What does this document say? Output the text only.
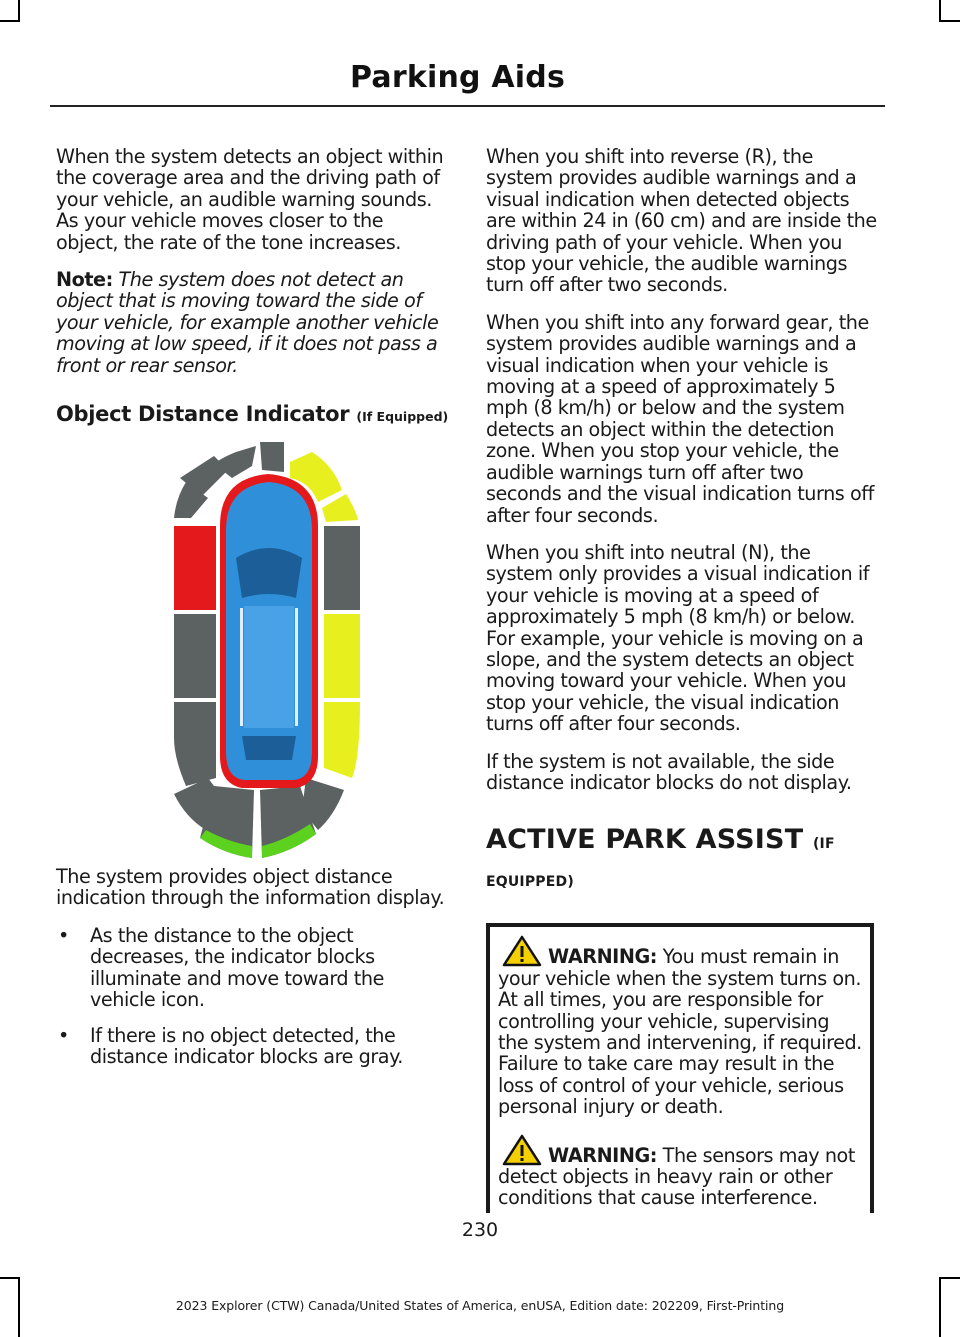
Parking Aids

When the system detects an object within the coverage area and the driving path of your vehicle, an audible warning sounds. As your vehicle moves closer to the object, the rate of the tone increases.

Note: The system does not detect an object that is moving toward the side of your vehicle, for example another vehicle moving at low speed, if it does not pass a front or rear sensor.

Object Distance Indicator (If Equipped)

The system provides object distance indication through the information display.

• As the distance to the object decreases, the indicator blocks illuminate and move toward the vehicle icon.
• If there is no object detected, the distance indicator blocks are gray.

When you shift into reverse (R), the system provides audible warnings and a visual indication when detected objects are within 24 in (60 cm) and are inside the driving path of your vehicle. When you stop your vehicle, the audible warnings turn off after two seconds.

When you shift into any forward gear, the system provides audible warnings and a visual indication when your vehicle is moving at a speed of approximately 5 mph (8 km/h) or below and the system detects an object within the detection zone. When you stop your vehicle, the audible warnings turn off after two seconds and the visual indication turns off after four seconds.

When you shift into neutral (N), the system only provides a visual indication if your vehicle is moving at a speed of approximately 5 mph (8 km/h) or below. For example, your vehicle is moving on a slope, and the system detects an object moving toward your vehicle. When you stop your vehicle, the visual indication turns off after four seconds.

If the system is not available, the side distance indicator blocks do not display.

ACTIVE PARK ASSIST (IF
EQUIPPED)

WARNING: You must remain in your vehicle when the system turns on. At all times, you are responsible for controlling your vehicle, supervising the system and intervening, if required. Failure to take care may result in the loss of control of your vehicle, serious personal injury or death.

WARNING: The sensors may not detect objects in heavy rain or other conditions that cause interference.

230
2023 Explorer (CTW) Canada/United States of America, enUSA, Edition date: 202209, First-Printing
